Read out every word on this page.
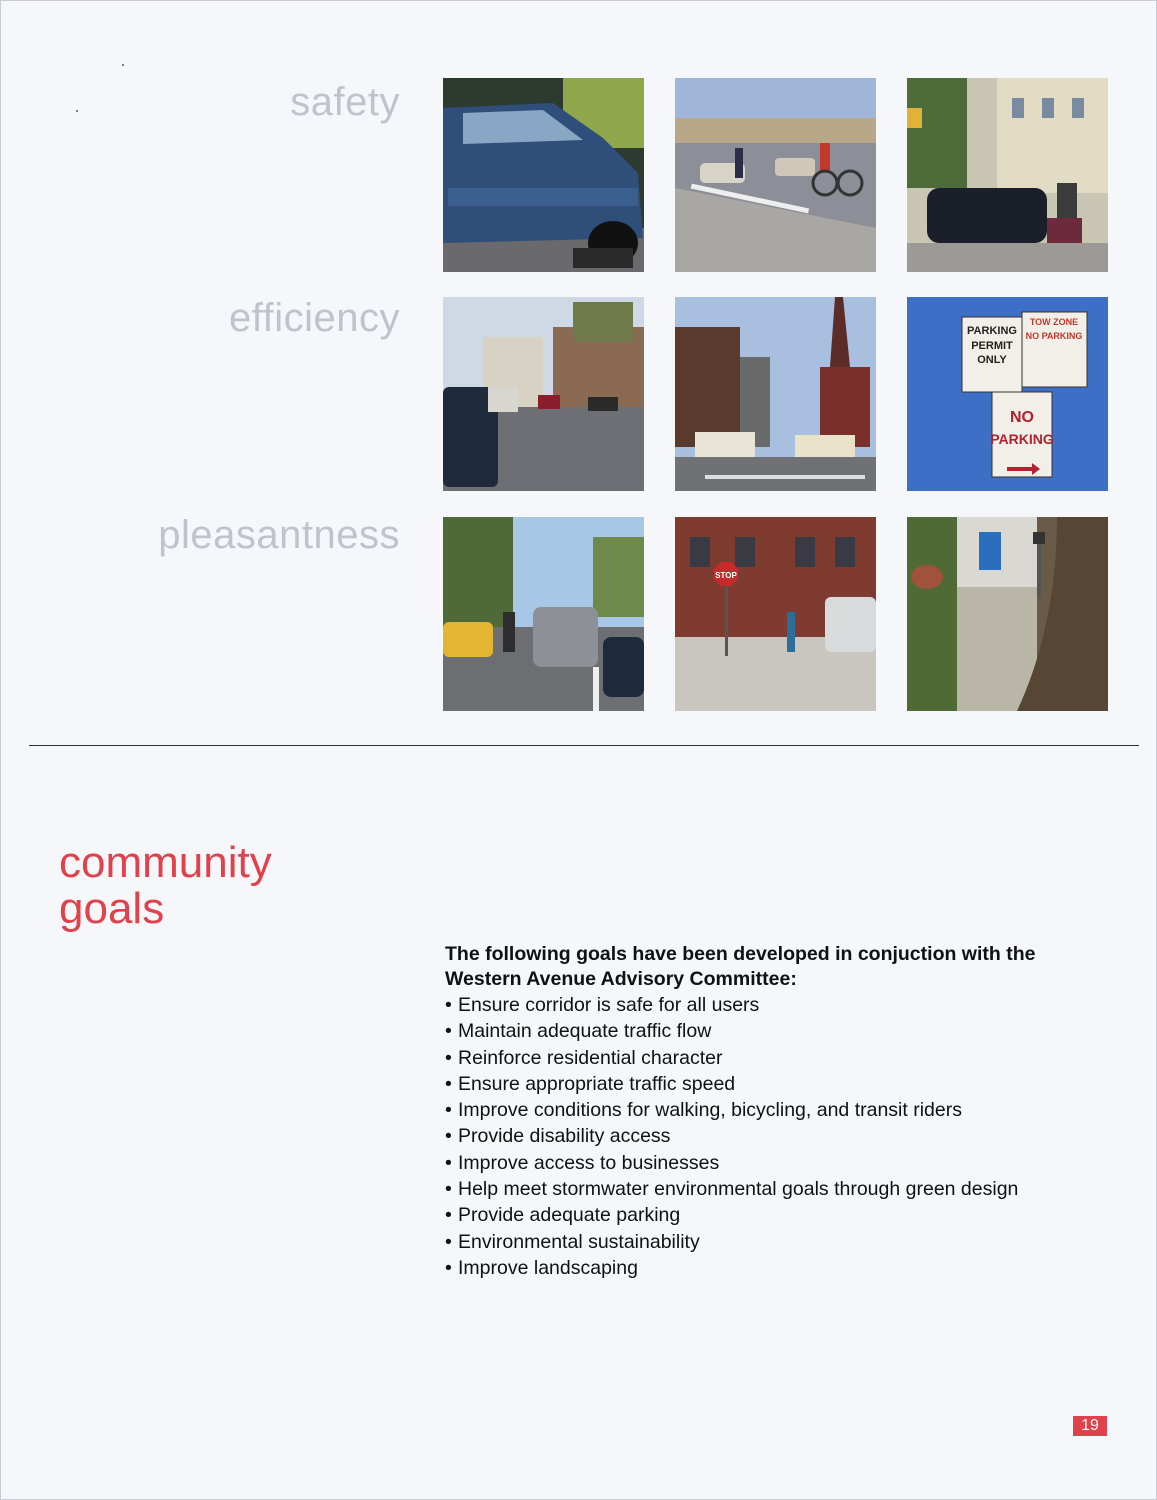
safety
efficiency
pleasantness
PARKING
PERMIT
ONLY
TOW ZONE
NO PARKING
NO
PARKING
STOP
community
goals
The following goals have been developed in conjuction with the Western Avenue Advisory Committee:
• Ensure corridor is safe for all users
• Maintain adequate traffic flow
• Reinforce residential character
• Ensure appropriate traffic speed
• Improve conditions for walking, bicycling, and transit riders
• Provide disability access
• Improve access to businesses
• Help meet stormwater environmental goals through green design
• Provide adequate parking
• Environmental sustainability
• Improve landscaping
19
